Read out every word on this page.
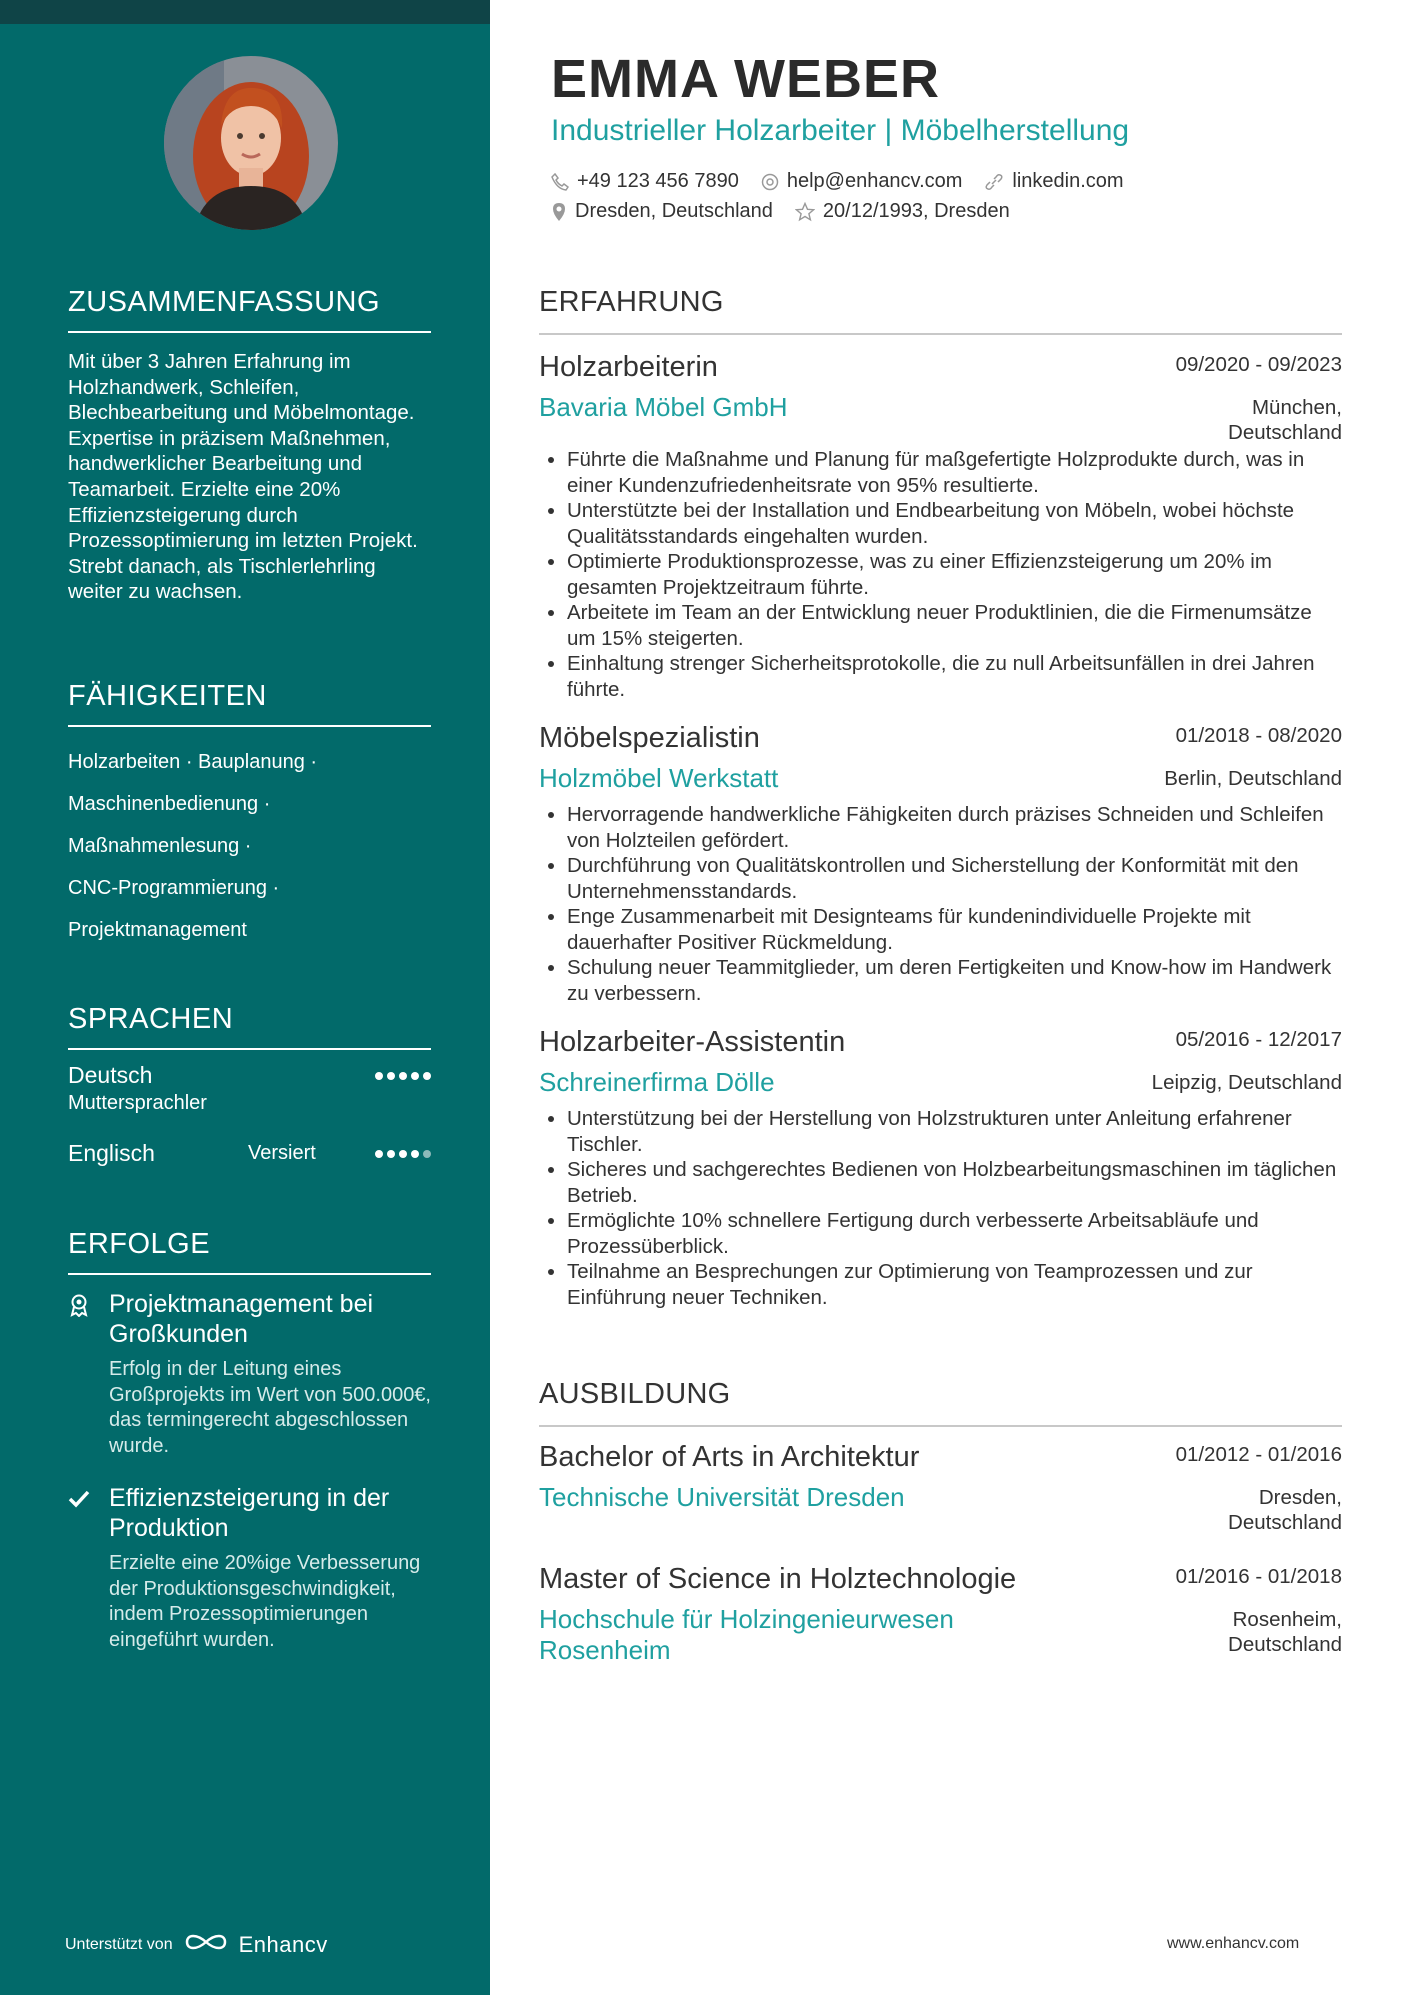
ZUSAMMENFASSUNG
Mit über 3 Jahren Erfahrung im Holzhandwerk, Schleifen, Blechbearbeitung und Möbelmontage. Expertise in präzisem Maßnehmen, handwerklicher Bearbeitung und Teamarbeit. Erzielte eine 20% Effizienzsteigerung durch Prozessoptimierung im letzten Projekt. Strebt danach, als Tischlerlehrling weiter zu wachsen.
FÄHIGKEITEN
Holzarbeiten · Bauplanung ·
Maschinenbedienung ·
Maßnahmenlesung ·
CNC-Programmierung ·
Projektmanagement
SPRACHEN
Deutsch
Muttersprachler
Englisch	Versiert
ERFOLGE
Projektmanagement bei Großkunden
Erfolg in der Leitung eines Großprojekts im Wert von 500.000€, das termingerecht abgeschlossen wurde.
Effizienzsteigerung in der Produktion
Erzielte eine 20%ige Verbesserung der Produktionsgeschwindigkeit, indem Prozessoptimierungen eingeführt wurden.
Unterstützt von	Enhancv
EMMA WEBER
Industrieller Holzarbeiter | Möbelherstellung
+49 123 456 7890 help@enhancv.com	linkedin.com
Dresden, Deutschland	20/12/1993, Dresden
ERFAHRUNG
Holzarbeiterin	09/2020 - 09/2023
Bavaria Möbel GmbH	München, Deutschland
• Führte die Maßnahme und Planung für maßgefertigte Holzprodukte durch, was in einer Kundenzufriedenheitsrate von 95% resultierte.
• Unterstützte bei der Installation und Endbearbeitung von Möbeln, wobei höchste Qualitätsstandards eingehalten wurden.
• Optimierte Produktionsprozesse, was zu einer Effizienzsteigerung um 20% im gesamten Projektzeitraum führte.
• Arbeitete im Team an der Entwicklung neuer Produktlinien, die die Firmenumsätze um 15% steigerten.
• Einhaltung strenger Sicherheitsprotokolle, die zu null Arbeitsunfällen in drei Jahren führte.
Möbelspezialistin	01/2018 - 08/2020
Holzmöbel Werkstatt	Berlin, Deutschland
• Hervorragende handwerkliche Fähigkeiten durch präzises Schneiden und Schleifen von Holzteilen gefördert.
• Durchführung von Qualitätskontrollen und Sicherstellung der Konformität mit den Unternehmensstandards.
• Enge Zusammenarbeit mit Designteams für kundenindividuelle Projekte mit dauerhafter Positiver Rückmeldung.
• Schulung neuer Teammitglieder, um deren Fertigkeiten und Know-how im Handwerk zu verbessern.
Holzarbeiter-Assistentin	05/2016 - 12/2017
Schreinerfirma Dölle	Leipzig, Deutschland
• Unterstützung bei der Herstellung von Holzstrukturen unter Anleitung erfahrener Tischler.
• Sicheres und sachgerechtes Bedienen von Holzbearbeitungsmaschinen im täglichen Betrieb.
• Ermöglichte 10% schnellere Fertigung durch verbesserte Arbeitsabläufe und Prozessüberblick.
• Teilnahme an Besprechungen zur Optimierung von Teamprozessen und zur Einführung neuer Techniken.
AUSBILDUNG
Bachelor of Arts in Architektur	01/2012 - 01/2016
Technische Universität Dresden	Dresden, Deutschland
Master of Science in Holztechnologie	01/2016 - 01/2018
Hochschule für Holzingenieurwesen Rosenheim
Rosenheim, Deutschland
www.enhancv.com
